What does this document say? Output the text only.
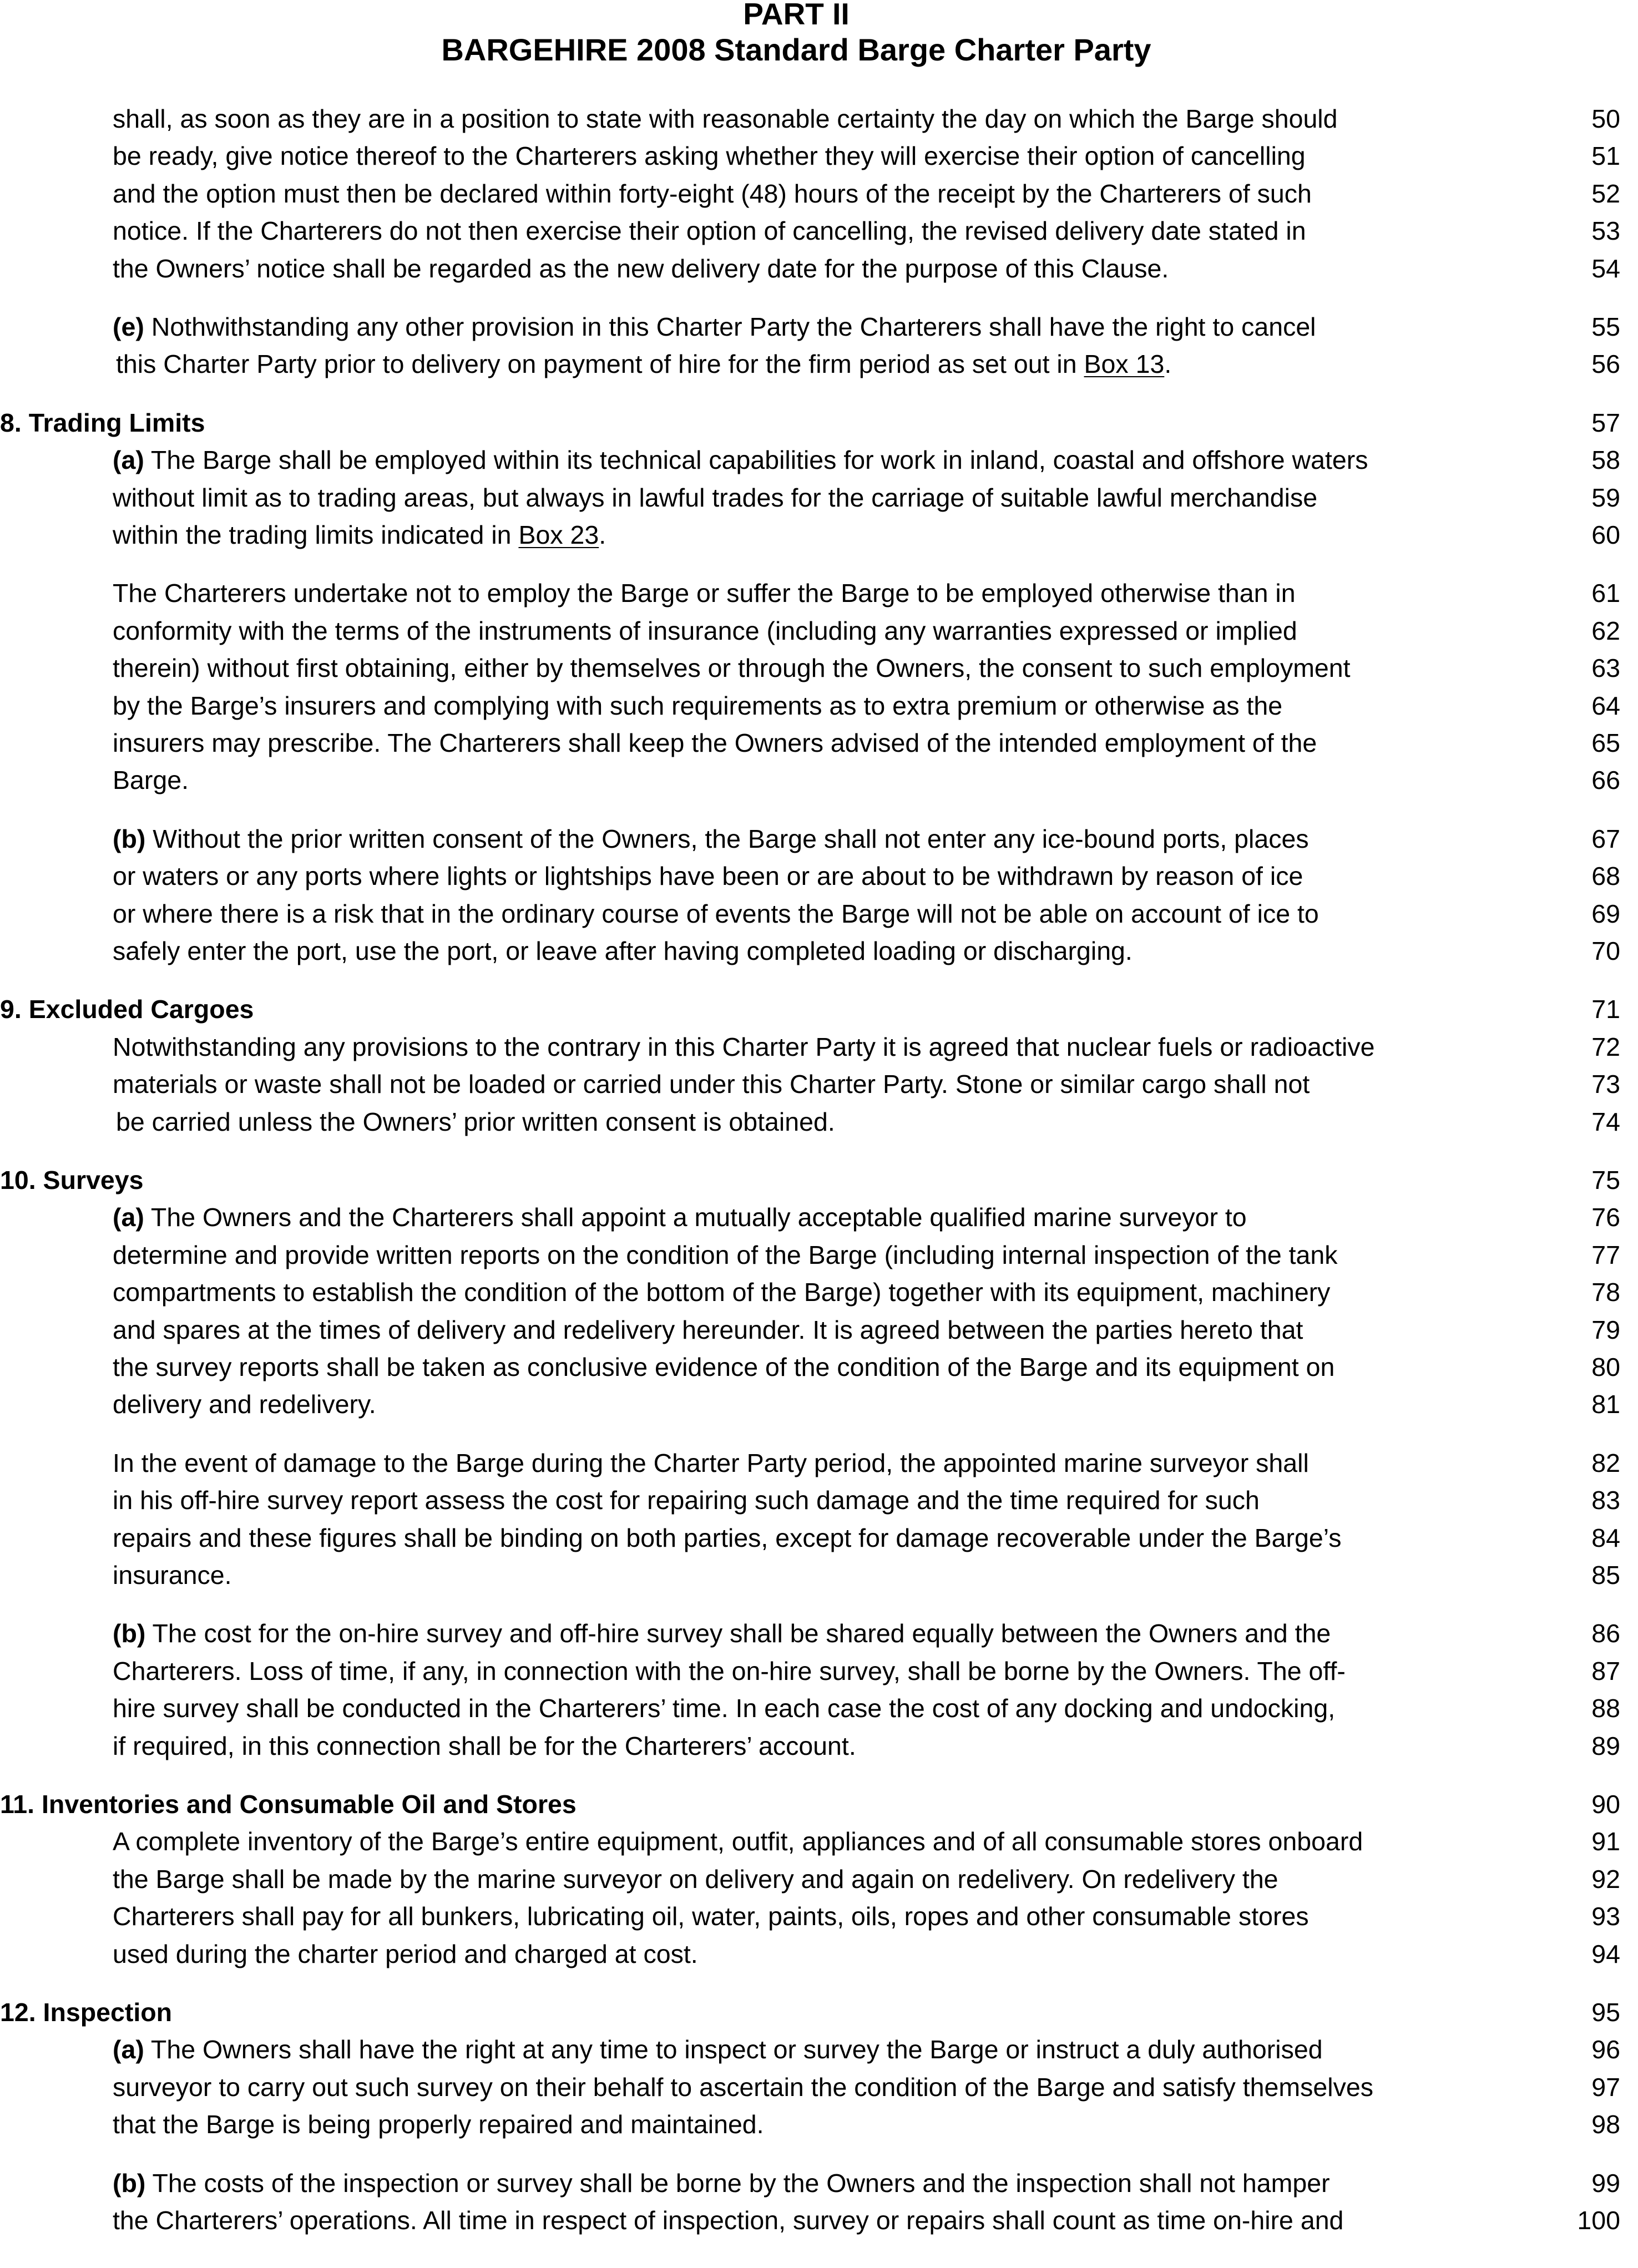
PART II
BARGEHIRE 2008 Standard Barge Charter Party
shall, as soon as they are in a position to state with reasonable certainty the day on which the Barge should	50
be ready, give notice thereof to the Charterers asking whether they will exercise their option of cancelling	51
and the option must then be declared within forty-eight (48) hours of the receipt by the Charterers of such	52
notice. If the Charterers do not then exercise their option of cancelling, the revised delivery date stated in	53
the Owners’ notice shall be regarded as the new delivery date for the purpose of this Clause.	54
(e) Nothwithstanding any other provision in this Charter Party the Charterers shall have the right to cancel	55
this Charter Party prior to delivery on payment of hire for the firm period as set out in Box 13.	56
8. Trading Limits	57
(a) The Barge shall be employed within its technical capabilities for work in inland, coastal and offshore waters	58
without limit as to trading areas, but always in lawful trades for the carriage of suitable lawful merchandise	59
within the trading limits indicated in Box 23.	60
The Charterers undertake not to employ the Barge or suffer the Barge to be employed otherwise than in	61
conformity with the terms of the instruments of insurance (including any warranties expressed or implied	62
therein) without first obtaining, either by themselves or through the Owners, the consent to such employment	63
by the Barge’s insurers and complying with such requirements as to extra premium or otherwise as the	64
insurers may prescribe. The Charterers shall keep the Owners advised of the intended employment of the	65
Barge.	66
(b) Without the prior written consent of the Owners, the Barge shall not enter any ice-bound ports, places	67
or waters or any ports where lights or lightships have been or are about to be withdrawn by reason of ice	68
or where there is a risk that in the ordinary course of events the Barge will not be able on account of ice to	69
safely enter the port, use the port, or leave after having completed loading or discharging.	70
9. Excluded Cargoes	71
Notwithstanding any provisions to the contrary in this Charter Party it is agreed that nuclear fuels or radioactive	72
materials or waste shall not be loaded or carried under this Charter Party. Stone or similar cargo shall not	73
be carried unless the Owners’ prior written consent is obtained.	74
10. Surveys	75
(a) The Owners and the Charterers shall appoint a mutually acceptable qualified marine surveyor to	76
determine and provide written reports on the condition of the Barge (including internal inspection of the tank	77
compartments to establish the condition of the bottom of the Barge) together with its equipment, machinery	78
and spares at the times of delivery and redelivery hereunder. It is agreed between the parties hereto that	79
the survey reports shall be taken as conclusive evidence of the condition of the Barge and its equipment on	80
delivery and redelivery.	81
In the event of damage to the Barge during the Charter Party period, the appointed marine surveyor shall	82
in his off-hire survey report assess the cost for repairing such damage and the time required for such	83
repairs and these figures shall be binding on both parties, except for damage recoverable under the Barge’s	84
insurance.	85
(b) The cost for the on-hire survey and off-hire survey shall be shared equally between the Owners and the	86
Charterers. Loss of time, if any, in connection with the on-hire survey, shall be borne by the Owners. The off-	87
hire survey shall be conducted in the Charterers’ time. In each case the cost of any docking and undocking,	88
if required, in this connection shall be for the Charterers’ account.	89
11. Inventories and Consumable Oil and Stores	90
A complete inventory of the Barge’s entire equipment, outfit, appliances and of all consumable stores onboard	91
the Barge shall be made by the marine surveyor on delivery and again on redelivery. On redelivery the	92
Charterers shall pay for all bunkers, lubricating oil, water, paints, oils, ropes and other consumable stores	93
used during the charter period and charged at cost.	94
12. Inspection	95
(a) The Owners shall have the right at any time to inspect or survey the Barge or instruct a duly authorised	96
surveyor to carry out such survey on their behalf to ascertain the condition of the Barge and satisfy themselves	97
that the Barge is being properly repaired and maintained.	98
(b) The costs of the inspection or survey shall be borne by the Owners and the inspection shall not hamper	99
the Charterers’ operations. All time in respect of inspection, survey or repairs shall count as time on-hire and	100
